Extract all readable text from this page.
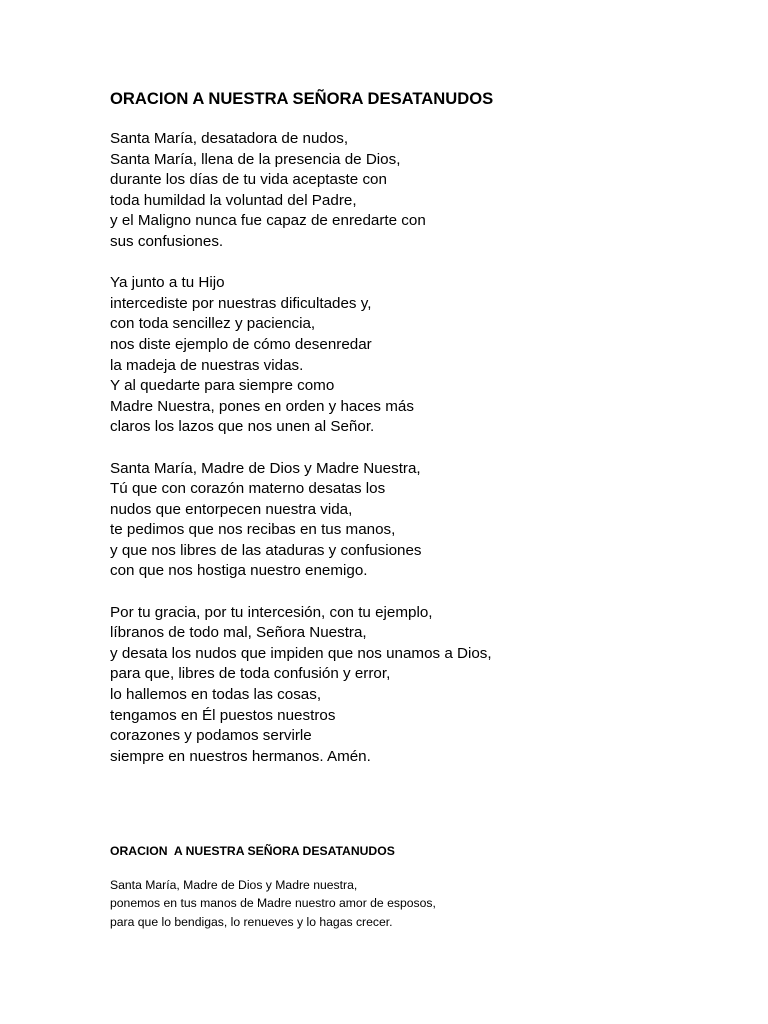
ORACION A NUESTRA SEÑORA DESATANUDOS
Santa María, desatadora de nudos,
Santa María, llena de la presencia de Dios,
durante los días de tu vida aceptaste con
toda humildad la voluntad del Padre,
y el Maligno nunca fue capaz de enredarte con
sus confusiones.
Ya junto a tu Hijo
intercediste por nuestras dificultades y,
con toda sencillez y paciencia,
nos diste ejemplo de cómo desenredar
la madeja de nuestras vidas.
Y al quedarte para siempre como
Madre Nuestra, pones en orden y haces más
claros los lazos que nos unen al Señor.
Santa María, Madre de Dios y Madre Nuestra,
Tú que con corazón materno desatas los
nudos que entorpecen nuestra vida,
te pedimos que nos recibas en tus manos,
y que nos libres de las ataduras y confusiones
con que nos hostiga nuestro enemigo.
Por tu gracia, por tu intercesión, con tu ejemplo,
líbranos de todo mal, Señora Nuestra,
y desata los nudos que impiden que nos unamos a Dios,
para que, libres de toda confusión y error,
lo hallemos en todas las cosas,
tengamos en Él puestos nuestros
corazones y podamos servirle
siempre en nuestros hermanos. Amén.
ORACION  A NUESTRA SEÑORA DESATANUDOS
Santa María, Madre de Dios y Madre nuestra,
ponemos en tus manos de Madre nuestro amor de esposos,
para que lo bendigas, lo renueves y lo hagas crecer.
